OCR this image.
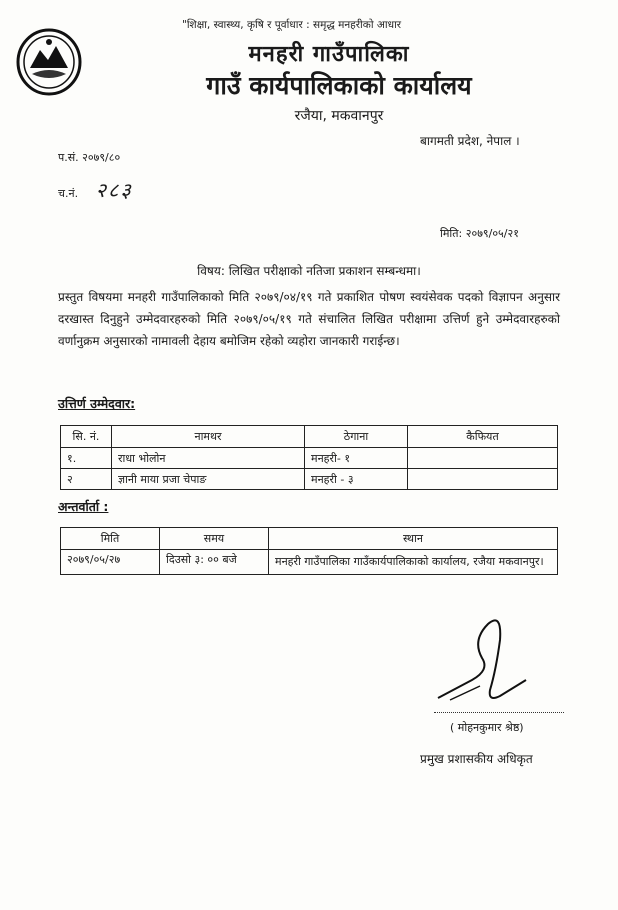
"शिक्षा, स्वास्थ्य, कृषि र पूर्वाधार : समृद्ध मनहरीको आधार
मनहरी गाउँपालिका
गाउँ कार्यपालिकाको कार्यालय
रजैया, मकवानपुर
बागमती प्रदेश, नेपाल ।
प.सं. २०७९/८०
च.नं. २८३
मिति: २०७९/०५/२१
विषय: लिखित परीक्षाको नतिजा प्रकाशन सम्बन्धमा।
प्रस्तुत विषयमा मनहरी गाउँपालिकाको मिति २०७९/०४/१९ गते प्रकाशित पोषण स्वयंसेवक पदको विज्ञापन अनुसार दरखास्त दिनुहुने उम्मेदवारहरुको मिति २०७९/०५/१९ गते संचालित लिखित परीक्षामा उत्तिर्ण हुने उम्मेदवारहरुको वर्णानुक्रम अनुसारको नामावली देहाय बमोजिम रहेको व्यहोरा जानकारी गराईन्छ।
उत्तिर्ण उम्मेदवार:
सि. नं.	नामथर	ठेगाना	कैफियत
१.	राधा भोलोन	मनहरी- १	
२	ज्ञानी माया प्रजा चेपाङ	मनहरी - ३	
अन्तर्वार्ता :
मिति	समय	स्थान
२०७९/०५/२७	दिउसो ३: ०० बजे	मनहरी गाउँपालिका गाउँकार्यपालिकाको कार्यालय, रजैया मकवानपुर।
( मोहनकुमार श्रेष्ठ)
प्रमुख प्रशासकीय अधिकृत
